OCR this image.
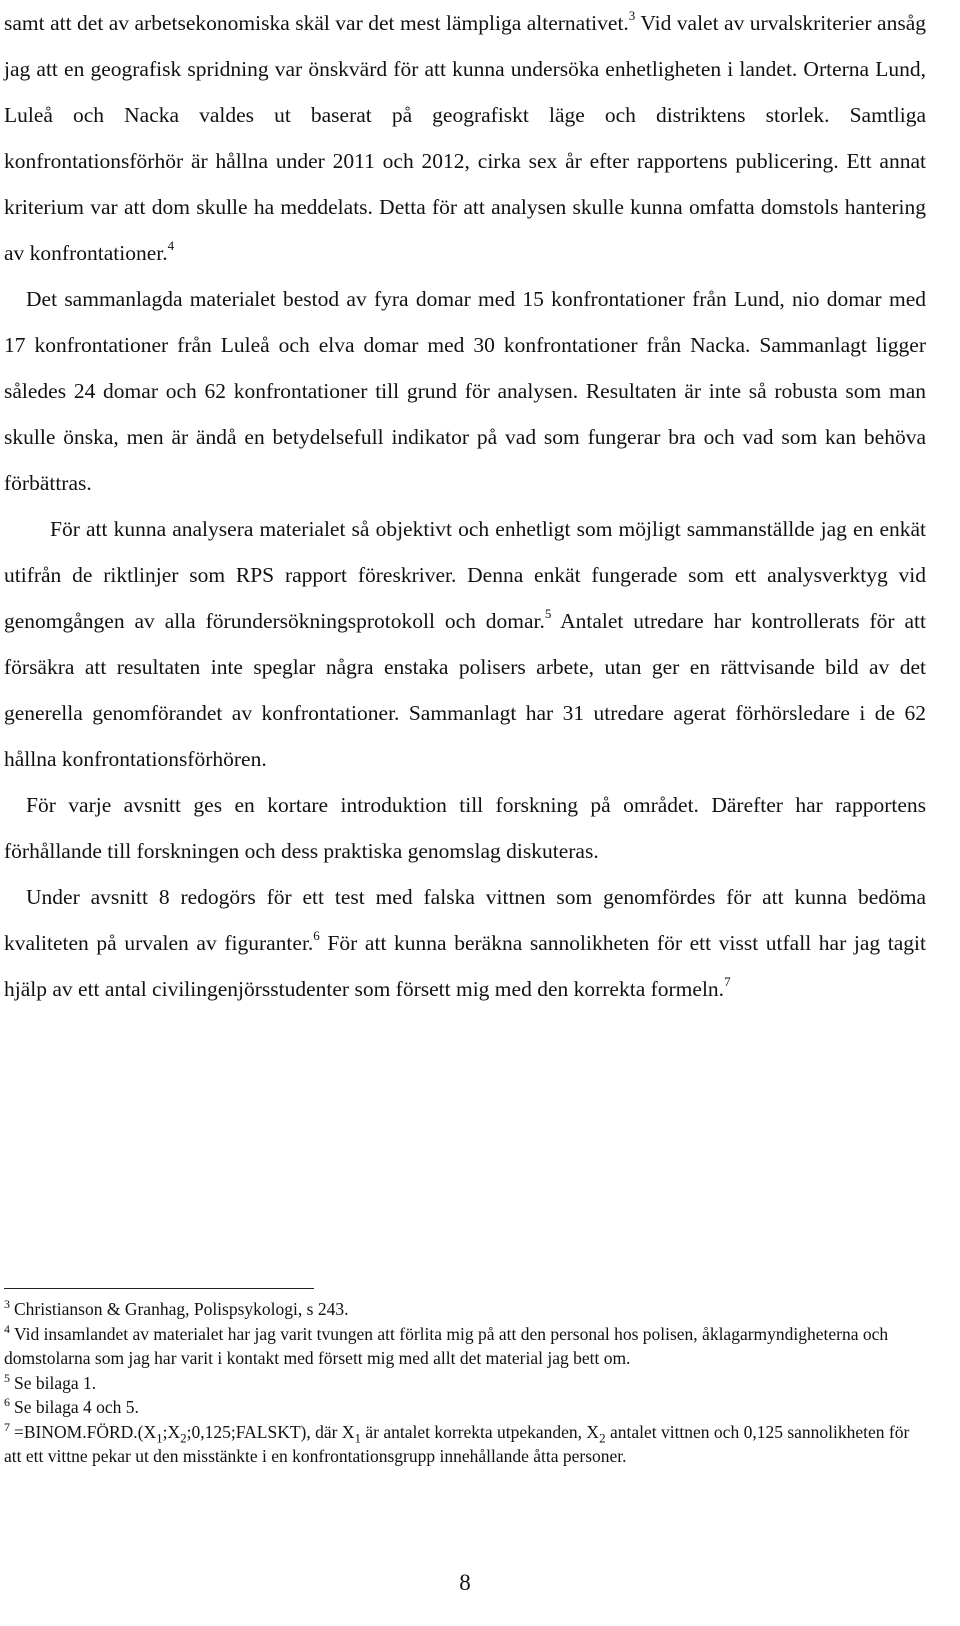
samt att det av arbetsekonomiska skäl var det mest lämpliga alternativet.$^3$ Vid valet av urvalskriterier ansåg jag att en geografisk spridning var önskvärd för att kunna undersöka enhetligheten i landet. Orterna Lund, Luleå och Nacka valdes ut baserat på geografiskt läge och distriktens storlek. Samtliga konfrontationsförhör är hållna under 2011 och 2012, cirka sex år efter rapportens publicering. Ett annat kriterium var att dom skulle ha meddelats. Detta för att analysen skulle kunna omfatta domstols hantering av konfrontationer.$^4$

Det sammanlagda materialet bestod av fyra domar med 15 konfrontationer från Lund, nio domar med 17 konfrontationer från Luleå och elva domar med 30 konfrontationer från Nacka. Sammanlagt ligger således 24 domar och 62 konfrontationer till grund för analysen. Resultaten är inte så robusta som man skulle önska, men är ändå en betydelsefull indikator på vad som fungerar bra och vad som kan behöva förbättras.

För att kunna analysera materialet så objektivt och enhetligt som möjligt sammanställde jag en enkät utifrån de riktlinjer som RPS rapport föreskriver. Denna enkät fungerade som ett analysverktyg vid genomgången av alla förundersökningsprotokoll och domar.$^5$ Antalet utredare har kontrollerats för att försäkra att resultaten inte speglar några enstaka polisers arbete, utan ger en rättvisande bild av det generella genomförandet av konfrontationer. Sammanlagt har 31 utredare agerat förhörsledare i de 62 hållna konfrontationsförhören.

För varje avsnitt ges en kortare introduktion till forskning på området. Därefter har rapportens förhållande till forskningen och dess praktiska genomslag diskuteras.

Under avsnitt 8 redogörs för ett test med falska vittnen som genomfördes för att kunna bedöma kvaliteten på urvalen av figuranter.$^6$ För att kunna beräkna sannolikheten för ett visst utfall har jag tagit hjälp av ett antal civilingenjörsstudenter som försett mig med den korrekta formeln.$^7$

$^3$ Christianson & Granhag, Polispsykologi, s 243.

$^4$ Vid insamlandet av materialet har jag varit tvungen att förlita mig på att den personal hos polisen, åklagarmyndigheterna och domstolarna som jag har varit i kontakt med försett mig med allt det material jag bett om.

$^5$ Se bilaga 1.

$^6$ Se bilaga 4 och 5.

$^7 =BINOM.FÖRD.(X_1;X_2;0,125;FALSKT)$, där $X_1$ är antalet korrekta utpekanden, $X_2$ antalet vittnen och 0,125 sannolikheten för att ett vittne pekar ut den misstänkte i en konfrontationsgrupp innehållande åtta personer.

8
